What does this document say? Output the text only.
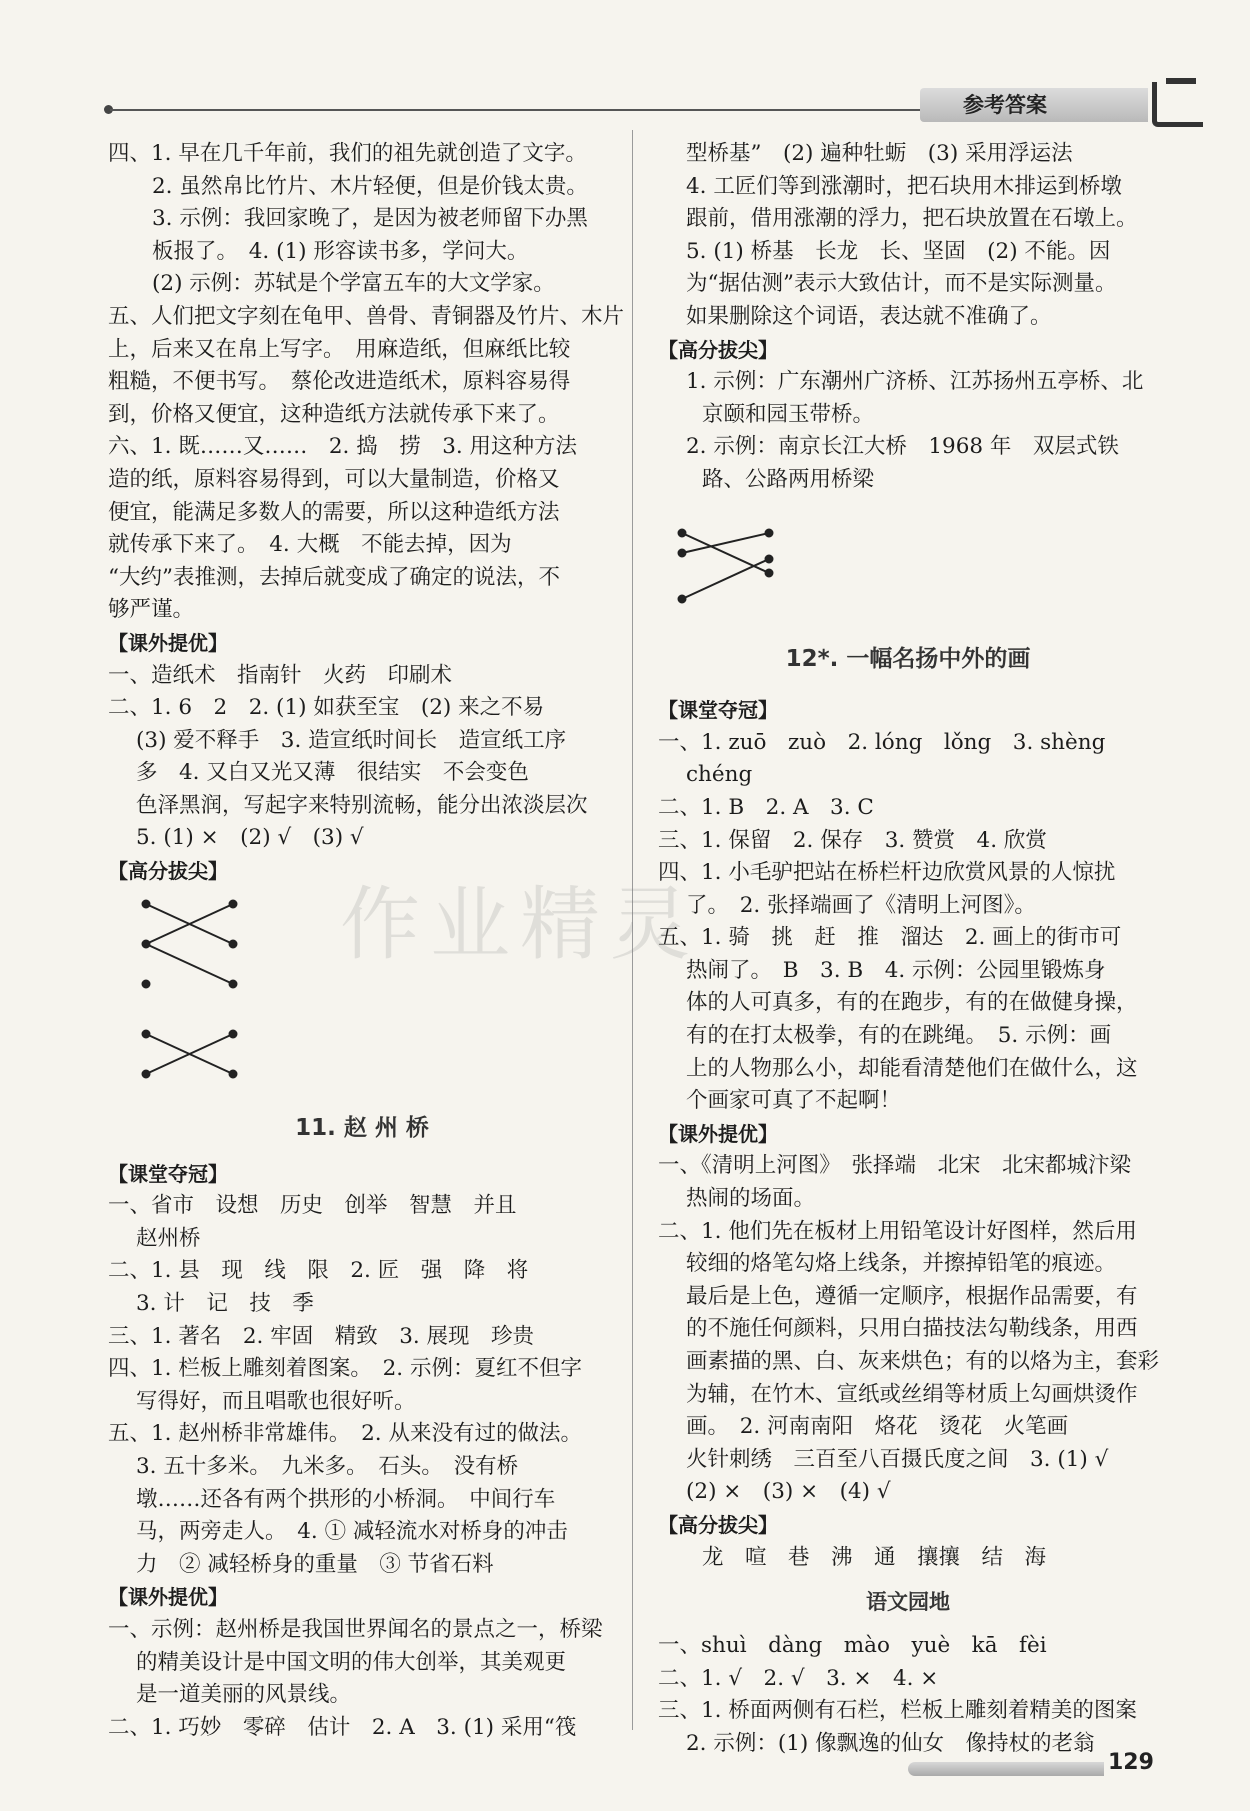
参考答案
作业精灵
四、1. 早在几千年前，我们的祖先就创造了文字。
2. 虽然帛比竹片、木片轻便，但是价钱太贵。
3. 示例：我回家晚了，是因为被老师留下办黑
板报了。　4. (1) 形容读书多，学问大。
(2) 示例：苏轼是个学富五车的大文学家。
五、人们把文字刻在龟甲、兽骨、青铜器及竹片、木片
上，后来又在帛上写字。　用麻造纸，但麻纸比较
粗糙，不便书写。　蔡伦改进造纸术，原料容易得
到，价格又便宜，这种造纸方法就传承下来了。
六、1. 既……又……　2. 捣　捞　3. 用这种方法
造的纸，原料容易得到，可以大量制造，价格又
便宜，能满足多数人的需要，所以这种造纸方法
就传承下来了。　4. 大概　不能去掉，因为
“大约”表推测，去掉后就变成了确定的说法，不
够严谨。
【课外提优】
一、造纸术　指南针　火药　印刷术
二、1. 6　2　2. (1) 如获至宝　(2) 来之不易
(3) 爱不释手　3. 造宣纸时间长　造宣纸工序
多　4. 又白又光又薄　很结实　不会变色
色泽黑润，写起字来特别流畅，能分出浓淡层次
5. (1) ×　(2) √　(3) √
【高分拔尖】
11. 赵 州 桥
【课堂夺冠】
一、省市　设想　历史　创举　智慧　并且
赵州桥
二、1. 县　现　线　限　2. 匠　强　降　将
3. 计　记　技　季
三、1. 著名　2. 牢固　精致　3. 展现　珍贵
四、1. 栏板上雕刻着图案。　2. 示例：夏红不但字
写得好，而且唱歌也很好听。
五、1. 赵州桥非常雄伟。　2. 从来没有过的做法。
3. 五十多米。　九米多。　石头。　没有桥
墩……还各有两个拱形的小桥洞。　中间行车
马，两旁走人。　4. ① 减轻流水对桥身的冲击
力　② 减轻桥身的重量　③ 节省石料
【课外提优】
一、示例：赵州桥是我国世界闻名的景点之一，桥梁
的精美设计是中国文明的伟大创举，其美观更
是一道美丽的风景线。
二、1. 巧妙　零碎　估计　2. A　3. (1) 采用“筏
型桥基”　(2) 遍种牡蛎　(3) 采用浮运法
4. 工匠们等到涨潮时，把石块用木排运到桥墩
跟前，借用涨潮的浮力，把石块放置在石墩上。
5. (1) 桥基　长龙　长、坚固　(2) 不能。因
为“据估测”表示大致估计，而不是实际测量。
如果删除这个词语，表达就不准确了。
【高分拔尖】
1. 示例：广东潮州广济桥、江苏扬州五亭桥、北
京颐和园玉带桥。
2. 示例：南京长江大桥　1968 年　双层式铁
路、公路两用桥梁
12*. 一幅名扬中外的画
【课堂夺冠】
一、1. zuō　zuò　2. lóng　lǒng　3. shèng
chéng
二、1. B　2. A　3. C
三、1. 保留　2. 保存　3. 赞赏　4. 欣赏
四、1. 小毛驴把站在桥栏杆边欣赏风景的人惊扰
了。　2. 张择端画了《清明上河图》。
五、1. 骑　挑　赶　推　溜达　2. 画上的街市可
热闹了。　B　3. B　4. 示例：公园里锻炼身
体的人可真多，有的在跑步，有的在做健身操，
有的在打太极拳，有的在跳绳。　5. 示例：画
上的人物那么小，却能看清楚他们在做什么，这
个画家可真了不起啊！
【课外提优】
一、《清明上河图》　张择端　北宋　北宋都城汴梁
热闹的场面。
二、1. 他们先在板材上用铅笔设计好图样，然后用
较细的烙笔勾烙上线条，并擦掉铅笔的痕迹。
最后是上色，遵循一定顺序，根据作品需要，有
的不施任何颜料，只用白描技法勾勒线条，用西
画素描的黑、白、灰来烘色；有的以烙为主，套彩
为辅，在竹木、宣纸或丝绢等材质上勾画烘烫作
画。　2. 河南南阳　烙花　烫花　火笔画
火针刺绣　三百至八百摄氏度之间　3. (1) √
(2) ×　(3) ×　(4) √
【高分拔尖】
龙　喧　巷　沸　通　攘攘　结　海
语文园地
一、shuì　dàng　mào　yuè　kā　fèi
二、1. √　2. √　3. ×　4. ×
三、1. 桥面两侧有石栏，栏板上雕刻着精美的图案
2. 示例：(1) 像飘逸的仙女　像持杖的老翁
129
